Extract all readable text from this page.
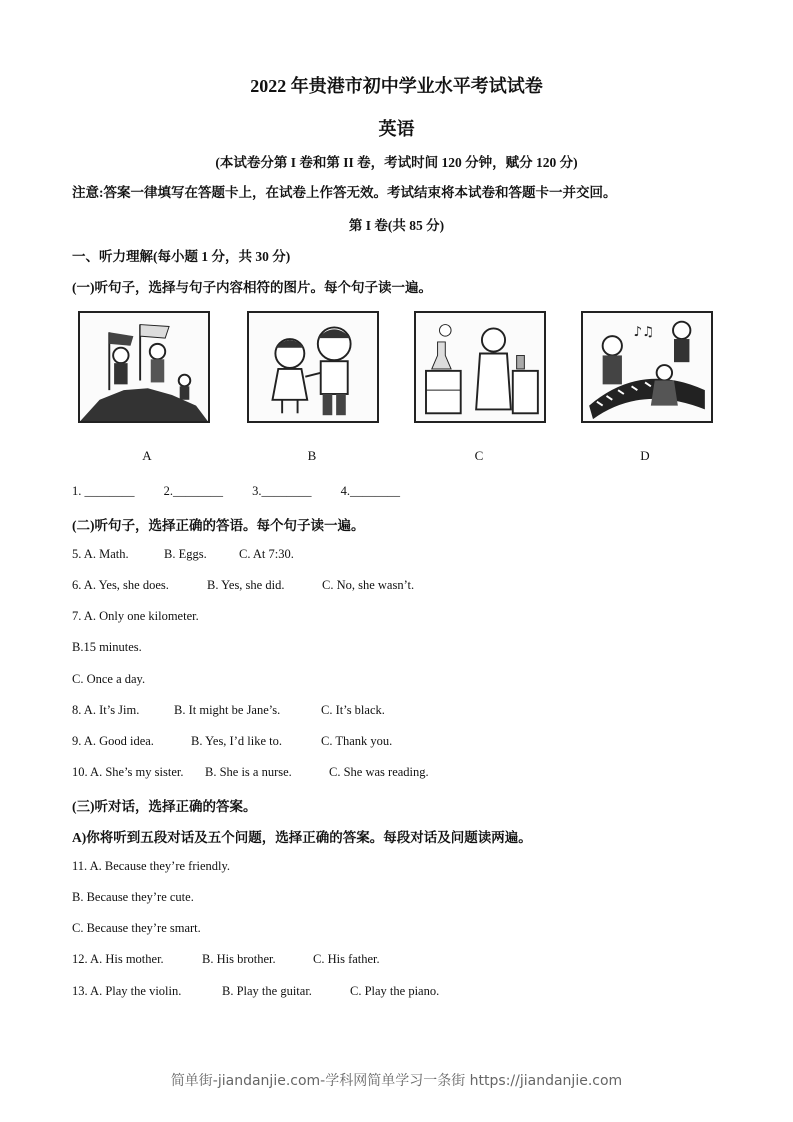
2022 年贵港市初中学业水平考试试卷
英语
(本试卷分第 I 卷和第 II 卷，考试时间 120 分钟，赋分 120 分)
注意:答案一律填写在答题卡上，在试卷上作答无效。考试结束将本试卷和答题卡一并交回。
第 I 卷(共 85 分)
一、听力理解(每小题 1 分，共 30 分)
(一)听句子，选择与句子内容相符的图片。每个句子读一遍。
♪♫
A	B	C	D
1. ________ 2.________ 3.________ 4.________
(二)听句子，选择正确的答语。每个句子读一遍。
5. A. Math.	B. Eggs.	C. At 7:30.
6. A. Yes, she does.	B. Yes, she did.	C. No, she wasn’t.
7. A. Only one kilometer.
B.15 minutes.
C. Once a day.
8. A. It’s Jim.	B. It might be Jane’s.	C. It’s black.
9. A. Good idea.	B. Yes, I’d like to.	C. Thank you.
10. A. She’s my sister. B. She is a nurse.	C. She was reading.
(三)听对话，选择正确的答案。
A)你将听到五段对话及五个问题，选择正确的答案。每段对话及问题读两遍。
11. A. Because they’re friendly.
B. Because they’re cute.
C. Because they’re smart.
12. A. His mother.	B. His brother.	C. His father.
13. A. Play the violin.	B. Play the guitar.	C. Play the piano.
简单街-jiandanjie.com-学科网简单学习一条街 https://jiandanjie.com
